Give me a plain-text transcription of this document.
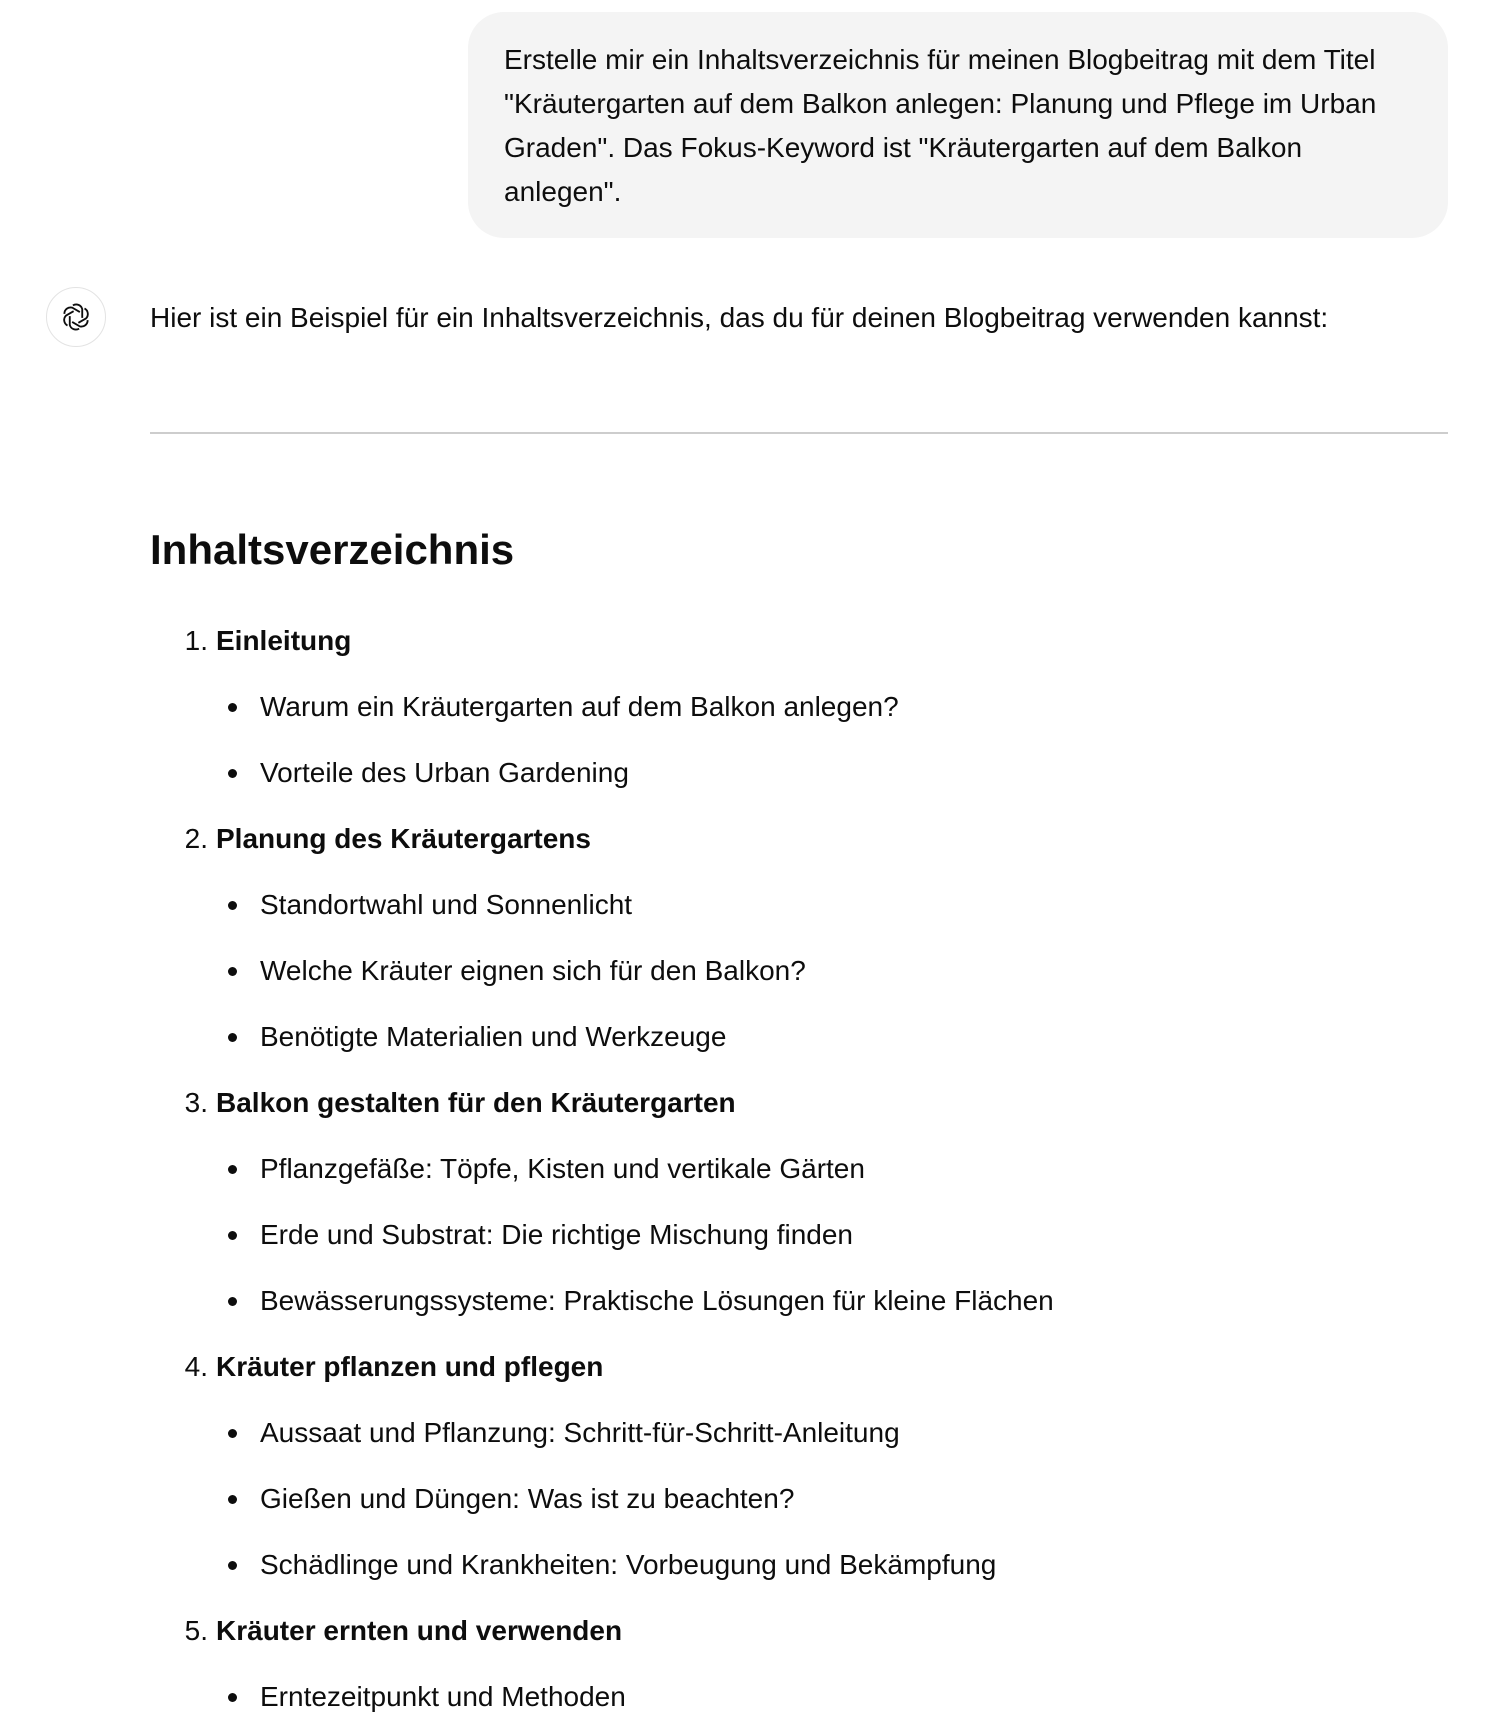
Erstelle mir ein Inhaltsverzeichnis für meinen Blogbeitrag mit dem Titel "Kräutergarten auf dem Balkon anlegen: Planung und Pflege im Urban Graden". Das Fokus-Keyword ist "Kräutergarten auf dem Balkon anlegen".

Hier ist ein Beispiel für ein Inhaltsverzeichnis, das du für deinen Blogbeitrag verwenden kannst:

Inhaltsverzeichnis
1. Einleitung
Warum ein Kräutergarten auf dem Balkon anlegen?
Vorteile des Urban Gardening
2. Planung des Kräutergartens
Standortwahl und Sonnenlicht
Welche Kräuter eignen sich für den Balkon?
Benötigte Materialien und Werkzeuge
3. Balkon gestalten für den Kräutergarten
Pflanzgefäße: Töpfe, Kisten und vertikale Gärten
Erde und Substrat: Die richtige Mischung finden
Bewässerungssysteme: Praktische Lösungen für kleine Flächen
4. Kräuter pflanzen und pflegen
Aussaat und Pflanzung: Schritt-für-Schritt-Anleitung
Gießen und Düngen: Was ist zu beachten?
Schädlinge und Krankheiten: Vorbeugung und Bekämpfung
5. Kräuter ernten und verwenden
Erntezeitpunkt und Methoden
